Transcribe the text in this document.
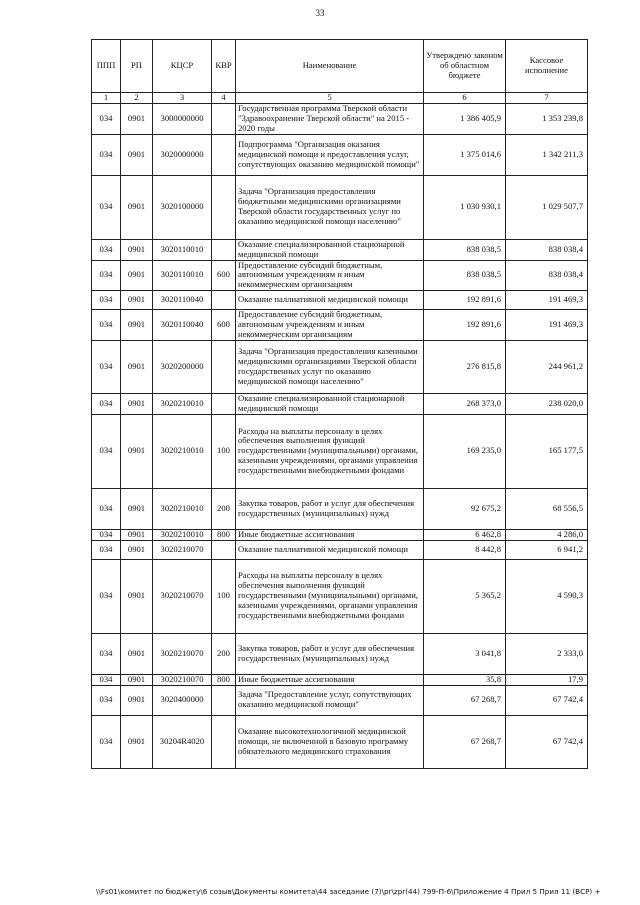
33
ППП	РП	КЦСР	КВР	Наименование	Утверждено законом об областном бюджете	Кассовое исполнение
1	2	3	4	5	6	7
034	0901	3000000000		Государственная программа Тверской области "Здравоохранение Тверской области" на 2015 - 2020 годы	1 386 405,9	1 353 239,8
034	0901	3020000000		Подпрограмма "Организация оказания медицинской помощи и предоставления услуг, сопутствующих оказанию медицинской помощи"	1 375 014,6	1 342 211,3
034	0901	3020100000		Задача "Организация предоставления бюджетными медицинскими организациями Тверской области государственных услуг по оказанию медицинской помощи населению"	1 030 930,1	1 029 507,7
034	0901	3020110010		Оказание специализированной стационарной медицинской помощи	838 038,5	838 038,4
034	0901	3020110010	600	Предоставление субсидий бюджетным, автономным учреждениям и иным некоммерческим организациям	838 038,5	838 038,4
034	0901	3020110040		Оказание паллиативной медицинской помощи	192 891,6	191 469,3
034	0901	3020110040	600	Предоставление субсидий бюджетным, автономным учреждениям и иным некоммерческим организациям	192 891,6	191 469,3
034	0901	3020200000		Задача "Организация предоставления казенными медицинскими организациями Тверской области государственных услуг по оказанию медицинской помощи населению"	276 815,8	244 961,2
034	0901	3020210010		Оказание специализированной стационарной медицинской помощи	268 373,0	238 020,0
034	0901	3020210010	100	Расходы на выплаты персоналу в целях обеспечения выполнения функций государственными (муниципальными) органами, казенными учреждениями, органами управления государственными внебюджетными фондами	169 235,0	165 177,5
034	0901	3020210010	200	Закупка товаров, работ и услуг для обеспечения государственных (муниципальных) нужд	92 675,2	68 556,5
034	0901	3020210010	800	Иные бюджетные ассигнования	6 462,8	4 286,0
034	0901	3020210070		Оказание паллиативной медицинской помощи	8 442,8	6 941,2
034	0901	3020210070	100	Расходы на выплаты персоналу в целях обеспечения выполнения функций государственными (муниципальными) органами, казенными учреждениями, органами управления государственными внебюджетными фондами	5 365,2	4 590,3
034	0901	3020210070	200	Закупка товаров, работ и услуг для обеспечения государственных (муниципальных) нужд	3 041,8	2 333,0
034	0901	3020210070	800	Иные бюджетные ассигнования	35,8	17,9
034	0901	3020400000		Задача "Предоставление услуг, сопутствующих оказанию медицинской помощи"	67 268,7	67 742,4
034	0901	30204R4020		Оказание высокотехнологичной медицинской помощи, не включенной в базовую программу обязательного медицинского страхования	67 268,7	67 742,4
\\Fs01\комитет по бюджету\6 созыв\Документы комитета\44 заседание (7)\pr\zpr(44) 799-П-6\Приложение 4 Прил 5 Прил 11 (ВСР) +
